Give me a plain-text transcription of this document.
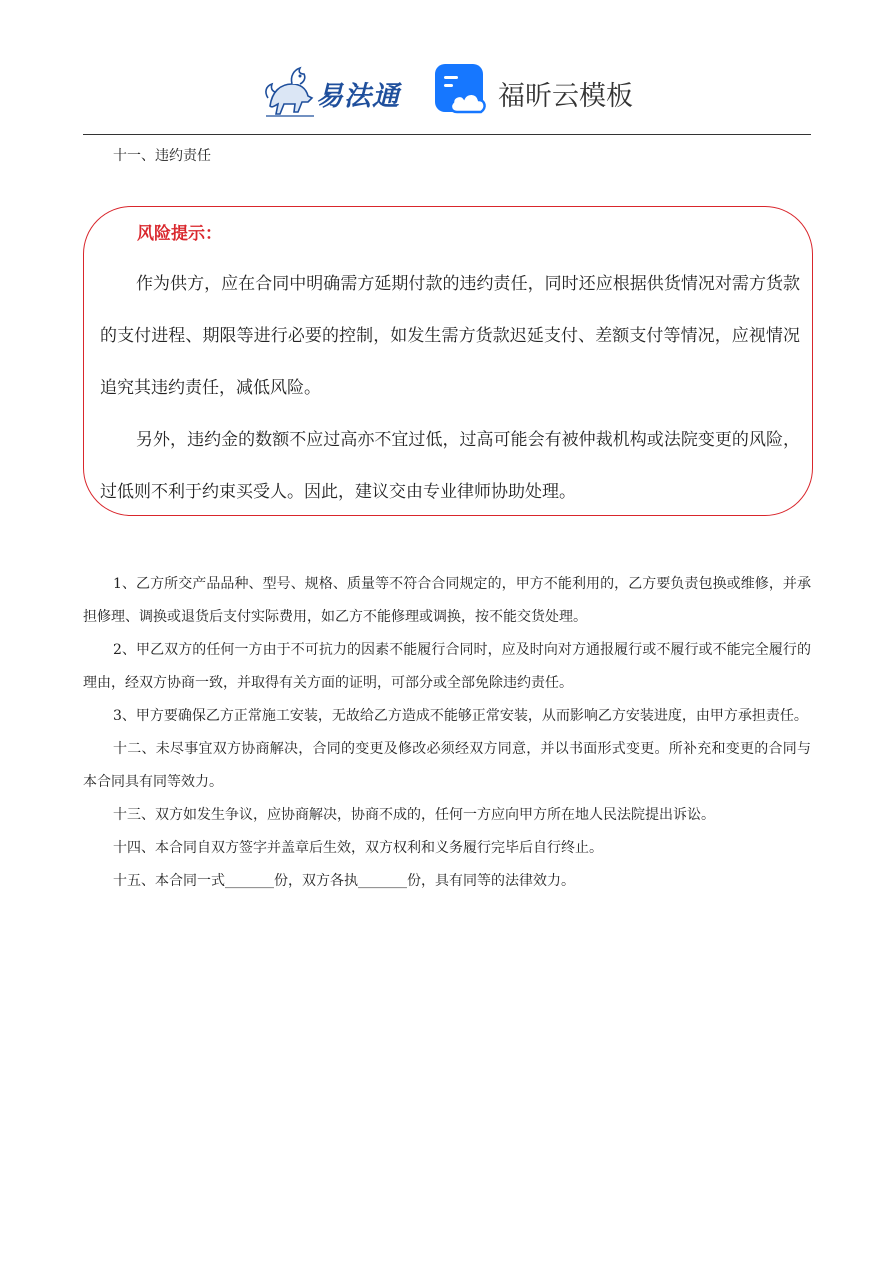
易法通	福昕云模板
十一、违约责任
风险提示：

作为供方，应在合同中明确需方延期付款的违约责任，同时还应根据供货情况对需方货款的支付进程、期限等进行必要的控制，如发生需方货款迟延支付、差额支付等情况，应视情况追究其违约责任，减低风险。

另外，违约金的数额不应过高亦不宜过低，过高可能会有被仲裁机构或法院变更的风险，过低则不利于约束买受人。因此，建议交由专业律师协助处理。

1、乙方所交产品品种、型号、规格、质量等不符合合同规定的，甲方不能利用的，乙方要负责包换或维修，并承担修理、调换或退货后支付实际费用，如乙方不能修理或调换，按不能交货处理。

2、甲乙双方的任何一方由于不可抗力的因素不能履行合同时，应及时向对方通报履行或不履行或不能完全履行的理由，经双方协商一致，并取得有关方面的证明，可部分或全部免除违约责任。

3、甲方要确保乙方正常施工安装，无故给乙方造成不能够正常安装，从而影响乙方安装进度，由甲方承担责任。

十二、未尽事宜双方协商解决，合同的变更及修改必须经双方同意，并以书面形式变更。所补充和变更的合同与本合同具有同等效力。

十三、双方如发生争议，应协商解决，协商不成的，任何一方应向甲方所在地人民法院提出诉讼。

十四、本合同自双方签字并盖章后生效，双方权利和义务履行完毕后自行终止。

十五、本合同一式_______份，双方各执_______份，具有同等的法律效力。
